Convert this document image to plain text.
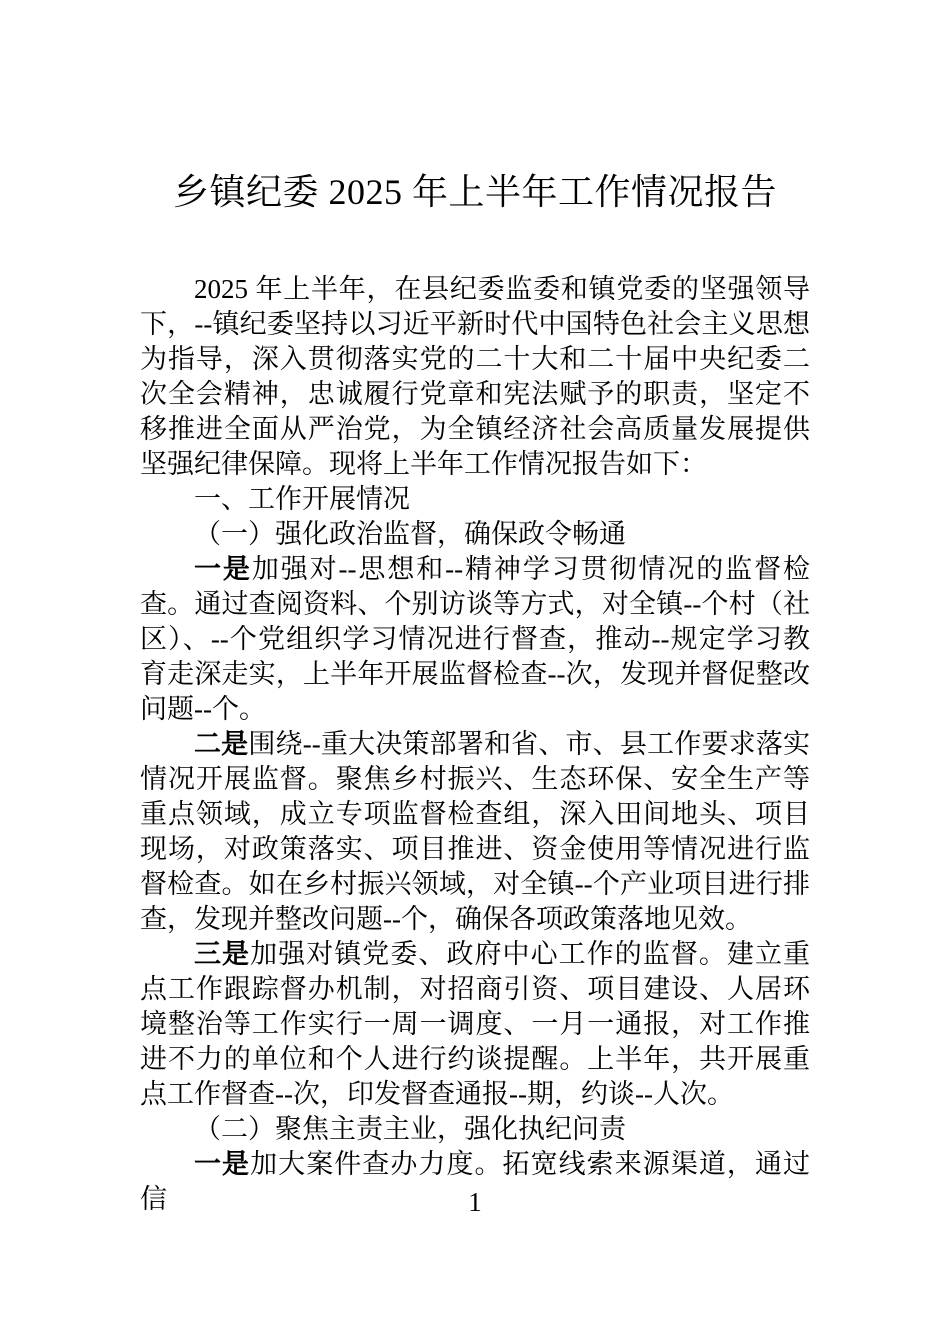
乡镇纪委 2025 年上半年工作情况报告

2025 年上半年，在县纪委监委和镇党委的坚强领导下，--镇纪委坚持以习近平新时代中国特色社会主义思想为指导，深入贯彻落实党的二十大和二十届中央纪委二次全会精神，忠诚履行党章和宪法赋予的职责，坚定不移推进全面从严治党，为全镇经济社会高质量发展提供坚强纪律保障。现将上半年工作情况报告如下：

一、工作开展情况

（一）强化政治监督，确保政令畅通

一是加强对--思想和--精神学习贯彻情况的监督检查。通过查阅资料、个别访谈等方式，对全镇--个村（社区）、--个党组织学习情况进行督查，推动--规定学习教育走深走实，上半年开展监督检查--次，发现并督促整改问题--个。

二是围绕--重大决策部署和省、市、县工作要求落实情况开展监督。聚焦乡村振兴、生态环保、安全生产等重点领域，成立专项监督检查组，深入田间地头、项目现场，对政策落实、项目推进、资金使用等情况进行监督检查。如在乡村振兴领域，对全镇--个产业项目进行排查，发现并整改问题--个，确保各项政策落地见效。

三是加强对镇党委、政府中心工作的监督。建立重点工作跟踪督办机制，对招商引资、项目建设、人居环境整治等工作实行一周一调度、一月一通报，对工作推进不力的单位和个人进行约谈提醒。上半年，共开展重点工作督查--次，印发督查通报--期，约谈--人次。

（二）聚焦主责主业，强化执纪问责

一是加大案件查办力度。拓宽线索来源渠道，通过信	1
